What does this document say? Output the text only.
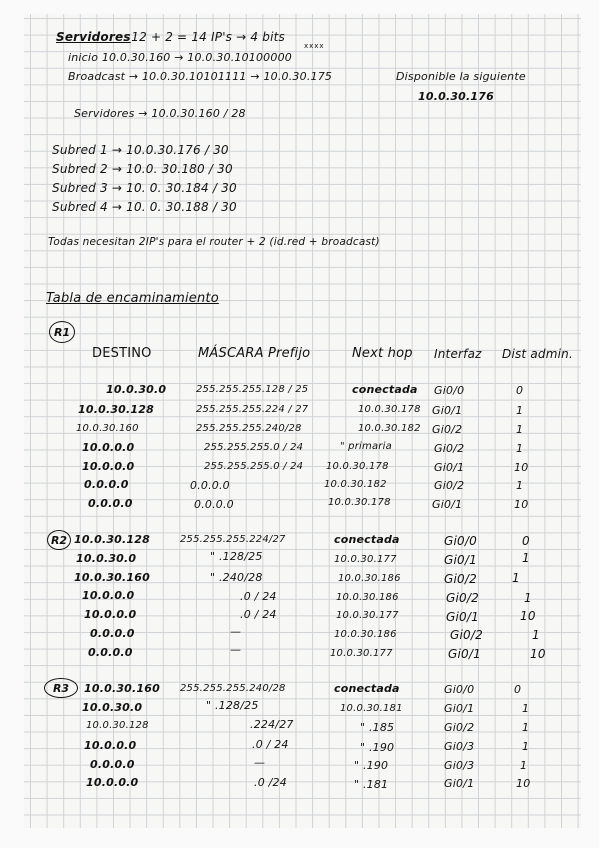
Servidores
: 12 + 2 = 14 IP's → 4 bits
xxxx
inicio 10.0.30.160 → 10.0.30.10100000
Broadcast → 10.0.30.10101111 → 10.0.30.175	Disponible la siguiente
10.0.30.176
Servidores → 10.0.30.160 / 28
Subred 1 → 10.0.30.176 / 30
Subred 2 → 10.0. 30.180 / 30
Subred 3 → 10. 0. 30.184 / 30
Subred 4 → 10. 0. 30.188 / 30
Todas necesitan 2IP's para el router + 2 (id.red + broadcast)
Tabla de encaminamiento
R1
DESTINO	MÁSCARA Prefijo	Next hop Interfaz Dist admin.
10.0.30.0	255.255.255.128 / 25	conectada Gi0/0	0
10.0.30.128	255.255.255.224 / 27	10.0.30.178 Gi0/1	1
10.0.30.160	255.255.255.240/28	10.0.30.182 Gi0/2	1
10.0.0.0	255.255.255.0 / 24	" primaria	Gi0/2	1
10.0.0.0	255.255.255.0 / 24 10.0.30.178	Gi0/1	10
0.0.0.0	0.0.0.0	10.0.30.182	Gi0/2	1
0.0.0.0	0.0.0.0	10.0.30.178	Gi0/1	10
R2 10.0.30.128	255.255.255.224/27	conectada	Gi0/0	0
10.0.30.0	" .128/25	10.0.30.177	Gi0/1	1
10.0.30.160	" .240/28	10.0.30.186	Gi0/2	1
10.0.0.0	.0 / 24	10.0.30.186	Gi0/2	1
10.0.0.0	.0 / 24	10.0.30.177	Gi0/1	10
0.0.0.0	—	10.0.30.186	Gi0/2	1
0.0.0.0	—	10.0.30.177	Gi0/1	10
R3 10.0.30.160 255.255.255.240/28	conectada	Gi0/0	0
10.0.30.0	" .128/25	10.0.30.181	Gi0/1	1
10.0.30.128	.224/27	" .185	Gi0/2	1
10.0.0.0	.0 / 24	" .190	Gi0/3	1
0.0.0.0	—	" .190	Gi0/3	1
10.0.0.0	.0 /24	" .181	Gi0/1	10
